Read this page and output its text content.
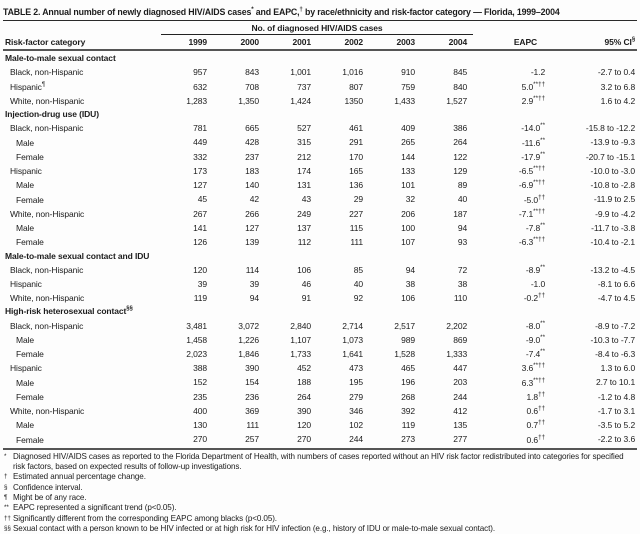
TABLE 2. Annual number of newly diagnosed HIV/AIDS cases* and EAPC,† by race/ethnicity and risk-factor category — Florida, 1999–2004
	No. of diagnosed HIV/AIDS cases							
Risk-factor category	1999	2000	2001	2002	2003	2004	EAPC	95% CI§
Male-to-male sexual contact								
Black, non-Hispanic	957	843	1,001	1,016	910	845	-1.2	-2.7 to 0.4
Hispanic¶	632	708	737	807	759	840	5.0**††	3.2 to 6.8
White, non-Hispanic	1,283	1,350	1,424	1350	1,433	1,527	2.9**††	1.6 to 4.2
Injection-drug use (IDU)								
Black, non-Hispanic	781	665	527	461	409	386	-14.0**	-15.8 to -12.2
Male	449	428	315	291	265	264	-11.6**	-13.9 to -9.3
Female	332	237	212	170	144	122	-17.9**	-20.7 to -15.1
Hispanic	173	183	174	165	133	129	-6.5**††	-10.0 to -3.0
Male	127	140	131	136	101	89	-6.9**††	-10.8 to -2.8
Female	45	42	43	29	32	40	-5.0††	-11.9 to 2.5
White, non-Hispanic	267	266	249	227	206	187	-7.1**††	-9.9 to -4.2
Male	141	127	137	115	100	94	-7.8**	-11.7 to -3.8
Female	126	139	112	111	107	93	-6.3**††	-10.4 to -2.1
Male-to-male sexual contact and IDU								
Black, non-Hispanic	120	114	106	85	94	72	-8.9**	-13.2 to -4.5
Hispanic	39	39	46	40	38	38	-1.0	-8.1 to 6.6
White, non-Hispanic	119	94	91	92	106	110	-0.2††	-4.7 to 4.5
High-risk heterosexual contact§§
Black, non-Hispanic	3,481	3,072	2,840	2,714	2,517	2,202	-8.0**	-8.9 to -7.2
Male	1,458	1,226	1,107	1,073	989	869	-9.0**	-10.3 to -7.7
Female	2,023	1,846	1,733	1,641	1,528	1,333	-7.4**	-8.4 to -6.3
Hispanic	388	390	452	473	465	447	3.6**††	1.3 to 6.0
Male	152	154	188	195	196	203	6.3**††	2.7 to 10.1
Female	235	236	264	279	268	244	1.8††	-1.2 to 4.8
White, non-Hispanic	400	369	390	346	392	412	0.6††	-1.7 to 3.1
Male	130	111	120	102	119	135	0.7††	-3.5 to 5.2
Female	270	257	270	244	273	277	0.6††	-2.2 to 3.6
* Diagnosed HIV/AIDS cases as reported to the Florida Department of Health, with numbers of cases reported without an HIV risk factor redistributed into categories for specified risk factors, based on expected results of follow-up investigations.
† Estimated annual percentage change.
§ Confidence interval.
¶ Might be of any race.
** EAPC represented a significant trend (p<0.05).
†† Significantly different from the corresponding EAPC among blacks (p<0.05).
§§ Sexual contact with a person known to be HIV infected or at high risk for HIV infection (e.g., history of IDU or male-to-male sexual contact).
